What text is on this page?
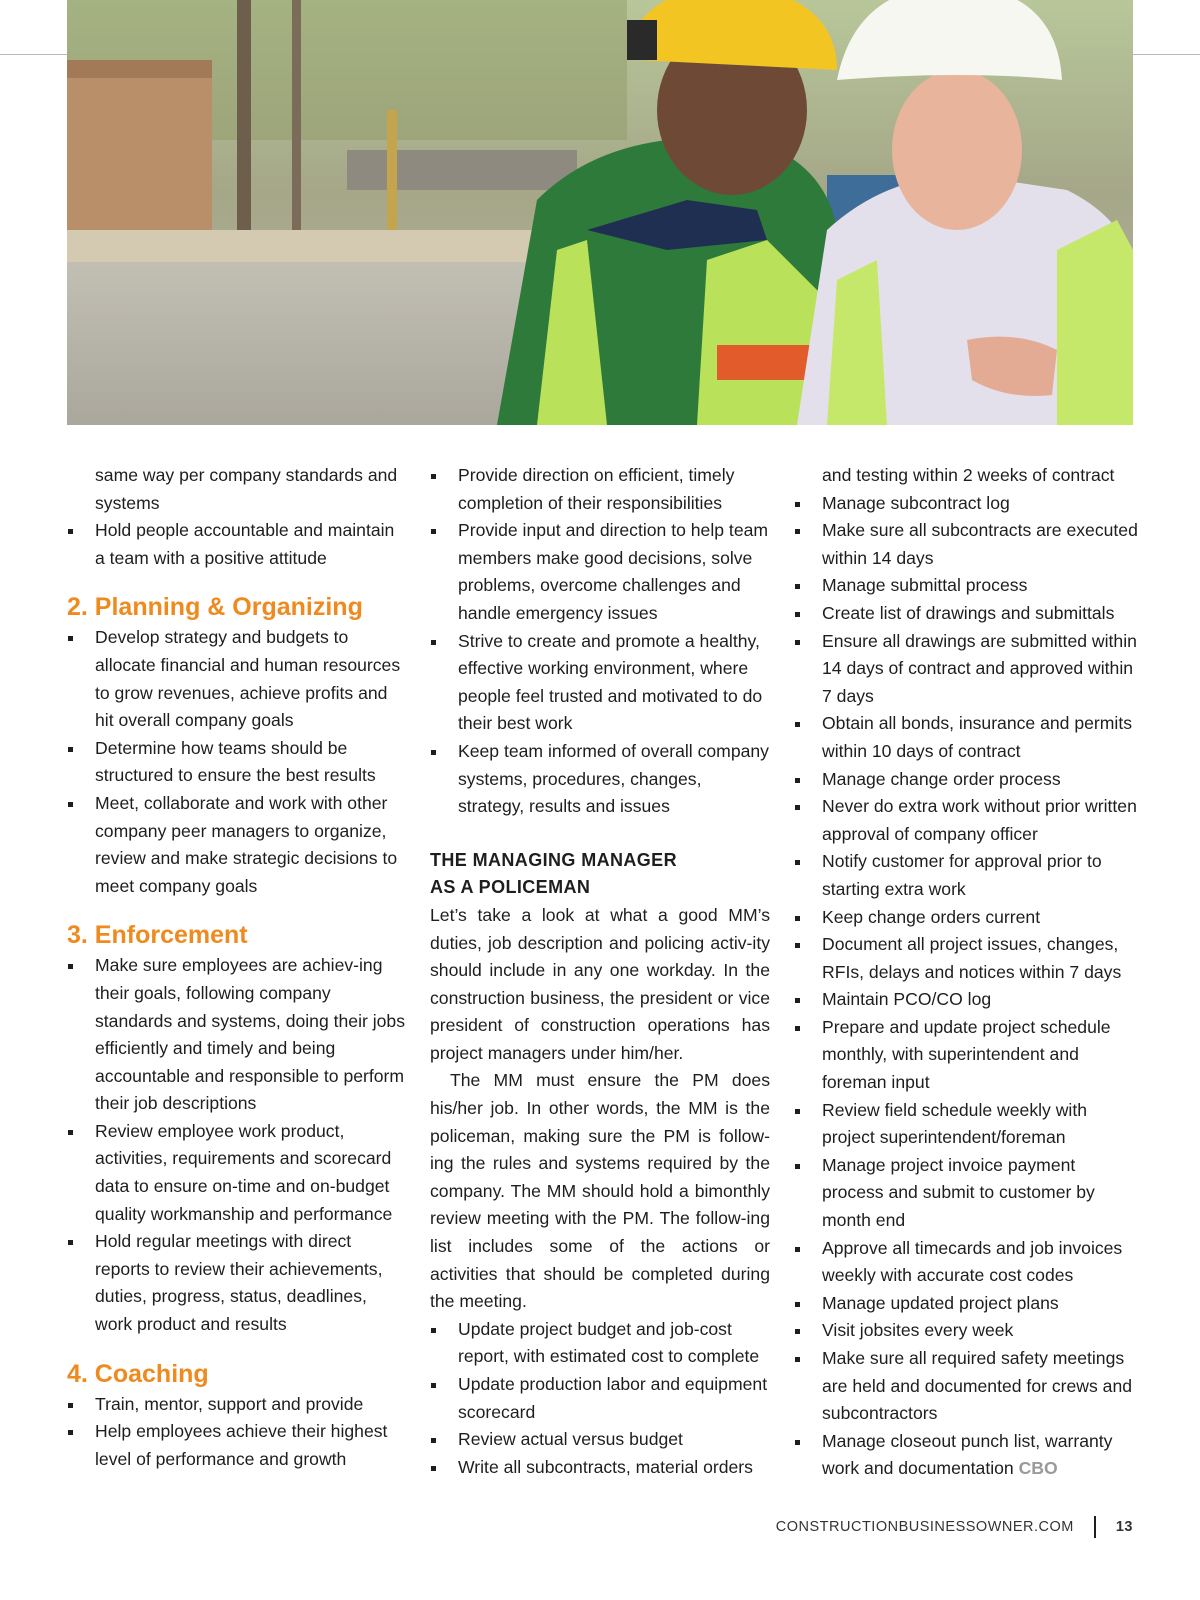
same way per company standards and systems

Hold people accountable and maintain a team with a positive attitude
2. Planning & Organizing
Develop strategy and budgets to allocate financial and human resources to grow revenues, achieve profits and hit overall company goals
Determine how teams should be structured to ensure the best results
Meet, collaborate and work with other company peer managers to organize, review and make strategic decisions to meet company goals
3. Enforcement
Make sure employees are achiev-ing their goals, following company standards and systems, doing their jobs efficiently and timely and being accountable and responsible to perform their job descriptions
Review employee work product, activities, requirements and scorecard data to ensure on-time and on-budget quality workmanship and performance
Hold regular meetings with direct reports to review their achievements, duties, progress, status, deadlines, work product and results
4. Coaching
Train, mentor, support and provide
Help employees achieve their highest level of performance and growth
Provide direction on efficient, timely completion of their responsibilities
Provide input and direction to help team members make good decisions, solve problems, overcome challenges and handle emergency issues
Strive to create and promote a healthy, effective working environment, where people feel trusted and motivated to do their best work
Keep team informed of overall company systems, procedures, changes, strategy, results and issues
THE MANAGING MANAGER
AS A POLICEMAN

Let’s take a look at what a good MM’s duties, job description and policing activ-ity should include in any one workday. In the construction business, the president or vice president of construction operations has project managers under him/her.

The MM must ensure the PM does his/her job. In other words, the MM is the policeman, making sure the PM is follow-ing the rules and systems required by the company. The MM should hold a bimonthly review meeting with the PM. The follow-ing list includes some of the actions or activities that should be completed during the meeting.

Update project budget and job-cost report, with estimated cost to complete
Update production labor and equipment scorecard
Review actual versus budget
Write all subcontracts, material orders

and testing within 2 weeks of contract

Manage subcontract log
Make sure all subcontracts are executed within 14 days
Manage submittal process
Create list of drawings and submittals
Ensure all drawings are submitted within 14 days of contract and approved within 7 days
Obtain all bonds, insurance and permits within 10 days of contract
Manage change order process
Never do extra work without prior written approval of company officer
Notify customer for approval prior to starting extra work
Keep change orders current
Document all project issues, changes, RFIs, delays and notices within 7 days
Maintain PCO/CO log
Prepare and update project schedule monthly, with superintendent and foreman input
Review field schedule weekly with project superintendent/foreman
Manage project invoice payment process and submit to customer by month end
Approve all timecards and job invoices weekly with accurate cost codes
Manage updated project plans
Visit jobsites every week
Make sure all required safety meetings are held and documented for crews and subcontractors
Manage closeout punch list, warranty work and documentation CBO
CONSTRUCTIONBUSINESSOWNER.COM	13
